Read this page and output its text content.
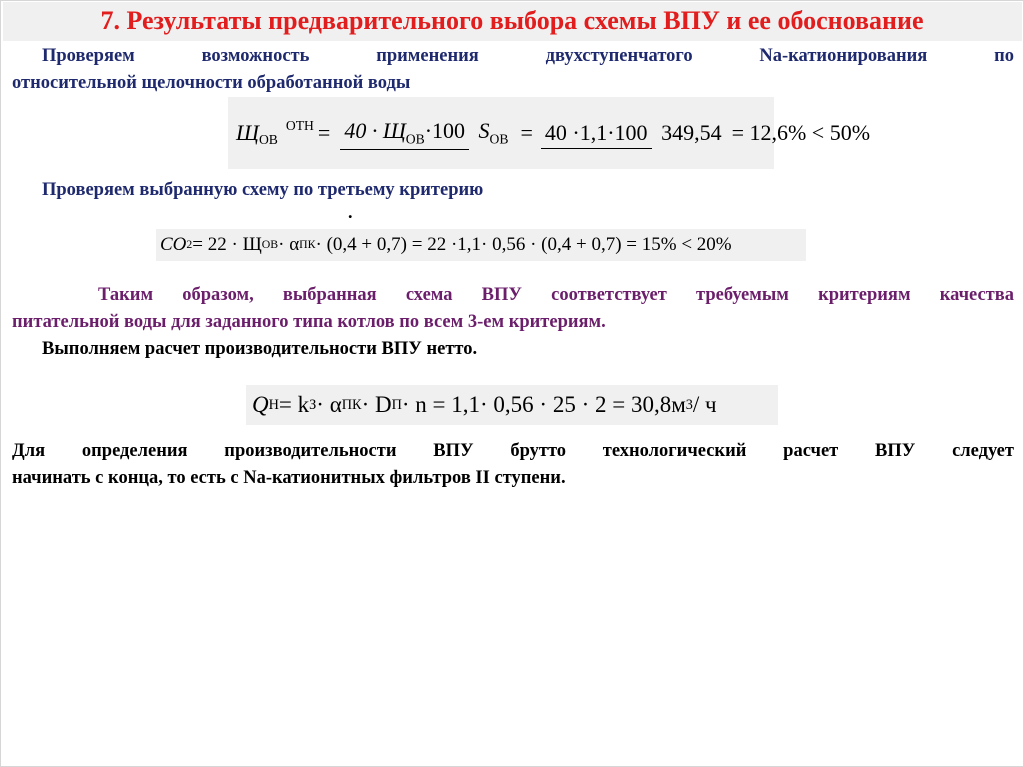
7. Результаты предварительного выбора схемы ВПУ и ее обоснование

Проверяем возможность применения двухступенчатого Na-катионирования по

относительной щелочности обработанной воды

$Щ_{ОВ}$
$^{ОТН} = 40 \cdot Щ_{ОВ}\cdot 100$ $S_{ОВ} = 40 \cdot 1,1\cdot 100$ 349,54 = 12,6% < 50%

Проверяем выбранную схему по третьему критерию

.
CO 2 = 22 · Щ ОВ · α ПК · (0,4 + 0,7) = 22 ·1,1· 0,56 · (0,4 + 0,7) = 15% < 20%

Таким образом, выбранная схема ВПУ соответствует требуемым критериям качества

питательной воды для заданного типа котлов по всем 3-ем критериям.

Выполняем расчет производительности ВПУ нетто.

Q Н = k З · α ПК · D П · n = 1,1· 0,56 · 25 · 2 = 30,8м 3 / ч

Для определения производительности ВПУ брутто технологический расчет ВПУ следует

начинать с конца, то есть с Na-катионитных фильтров II ступени.
